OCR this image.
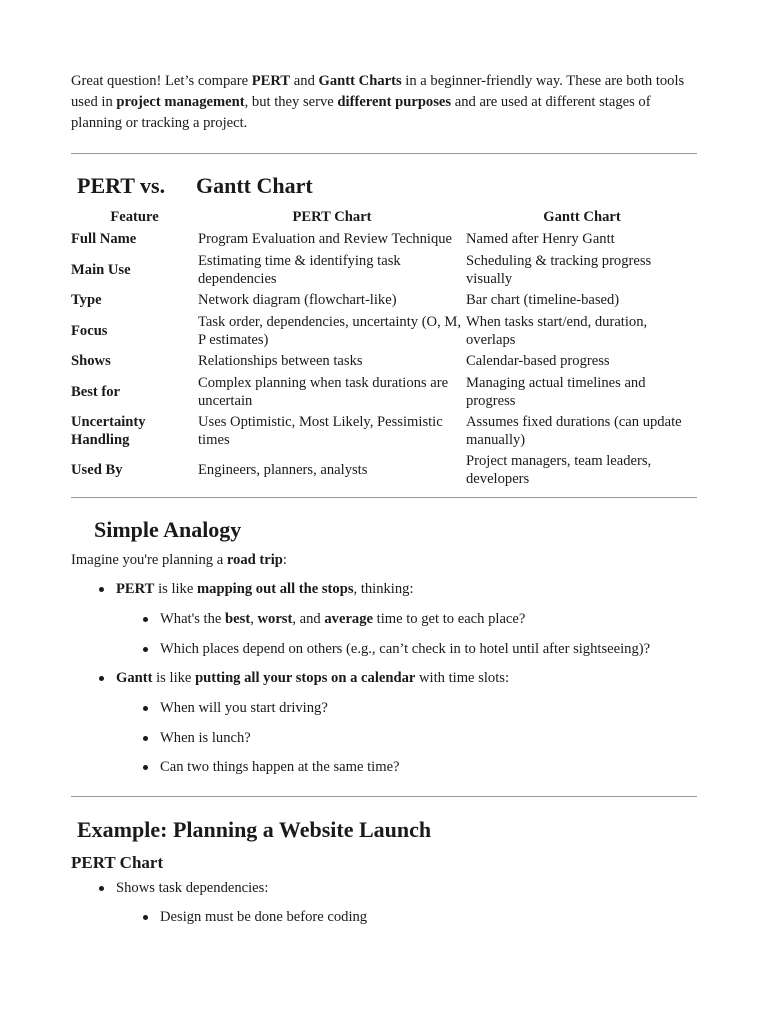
Great question! Let’s compare PERT and Gantt Charts in a beginner-friendly way. These are both tools used in project management, but they serve different purposes and are used at different stages of planning or tracking a project.

PERT vs. Gantt Chart
Feature	PERT Chart	Gantt Chart
Full Name	Program Evaluation and Review Technique	Named after Henry Gantt
Main Use	Estimating time & identifying task dependencies	Scheduling & tracking progress visually
Type	Network diagram (flowchart-like)	Bar chart (timeline-based)
Focus	Task order, dependencies, uncertainty (O, M, P estimates)	When tasks start/end, duration, overlaps
Shows	Relationships between tasks	Calendar-based progress
Best for	Complex planning when task durations are uncertain	Managing actual timelines and progress
Uncertainty Handling	Uses Optimistic, Most Likely, Pessimistic times	Assumes fixed durations (can update manually)
Used By	Engineers, planners, analysts	Project managers, team leaders, developers
Simple Analogy

Imagine you're planning a road trip:

PERT is like mapping out all the stops, thinking:
What's the best, worst, and average time to get to each place?
Which places depend on others (e.g., can’t check in to hotel until after sightseeing)?
Gantt is like putting all your stops on a calendar with time slots:
When will you start driving?
When is lunch?
Can two things happen at the same time?
Example: Planning a Website Launch
PERT Chart
Shows task dependencies:
Design must be done before coding
